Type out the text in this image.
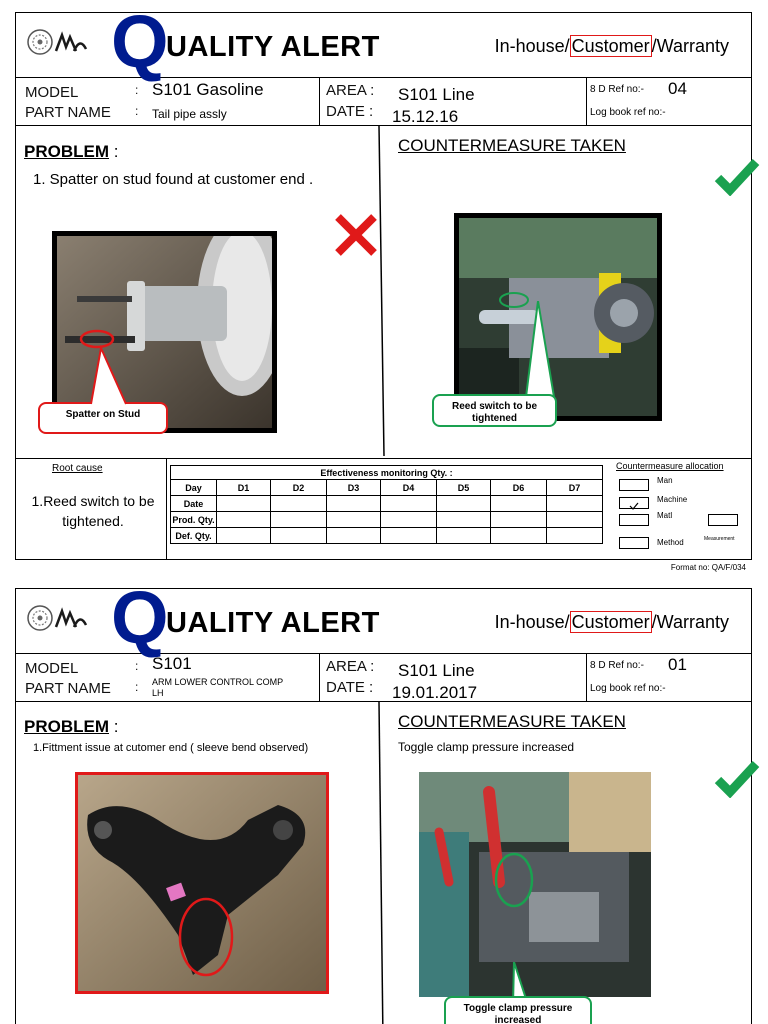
Q
UALITY ALERT	In-house/ Customer /Warranty
MODEL	: S101 Gasoline
PART NAME : Tail pipe assly
AREA : S101 Line
DATE : 15.12.16
8 D Ref no:- 04
Log book ref no:-
PROBLEM :
1. Spatter on stud found at customer end .
COUNTERMEASURE TAKEN
Spatter on Stud
Reed switch to be tightened
Root cause
1.Reed switch to be tightened.
Effectiveness monitoring Qty. :							
Day	D1	D2	D3	D4	D5	D6	D7
Date							
Prod. Qty.							
Def. Qty.							
Countermeasure allocation
Man
Machine
Matl
Method	Measurement
Format no: QA/F/034
Q
UALITY ALERT	In-house/ Customer /Warranty
MODEL	: S101
PART NAME : ARM LOWER CONTROL COMP
LH
AREA : S101 Line
DATE : 19.01.2017
8 D Ref no:- 01
Log book ref no:-
PROBLEM :
1.Fittment issue at cutomer end ( sleeve bend observed)
COUNTERMEASURE TAKEN
Toggle clamp pressure increased
Toggle clamp pressure increased
